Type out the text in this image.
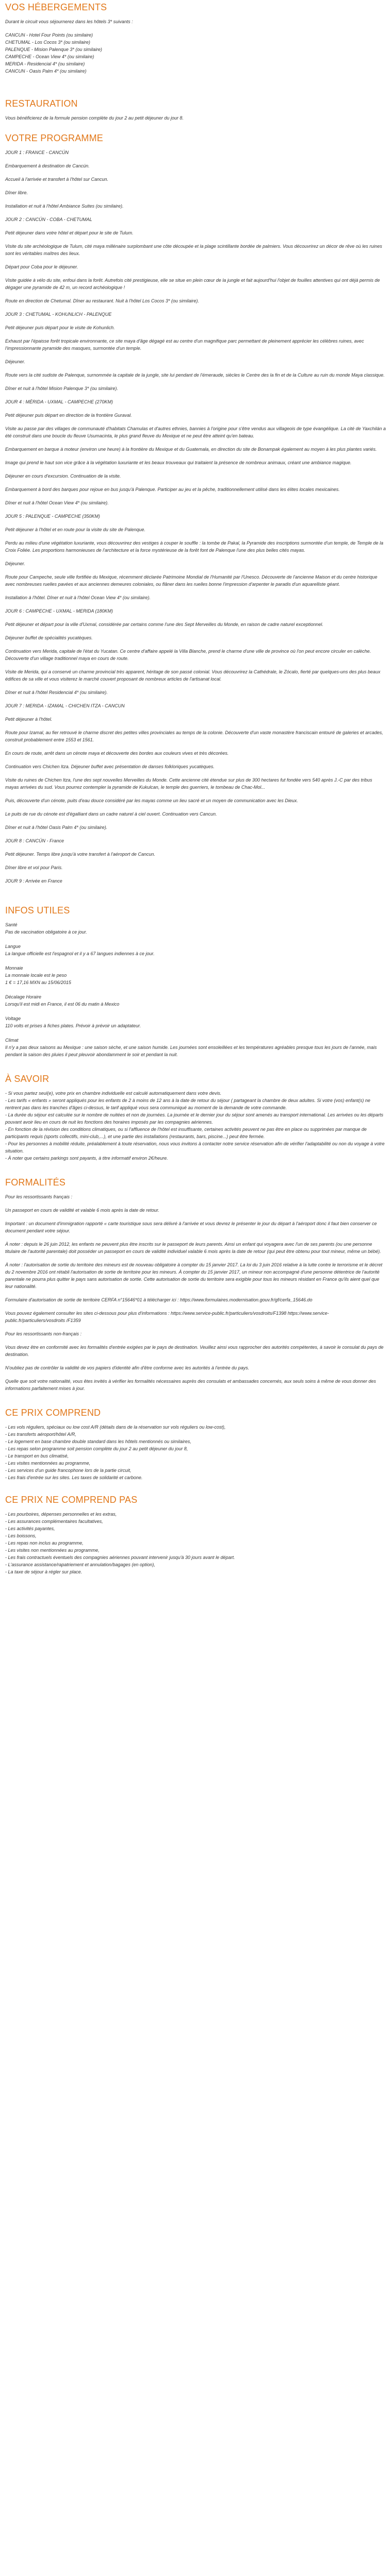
VOS HÉBERGEMENTS

Durant le circuit vous séjournerez dans les hôtels 3* suivants :

CANCUN - Hotel Four Points (ou similaire)

CHETUMAL - Los Cocos 3* (ou similaire)

PALENQUE - Mision Palenque 3* (ou similaire)

CAMPECHE - Ocean View 4* (ou similaire)

MERIDA - Residencial 4* (ou similaire)

CANCUN - Oasis Palm 4* (ou similaire)

RESTAURATION

Vous bénéficierez de la formule pension complète du jour 2 au petit déjeuner du jour 8.

VOTRE PROGRAMME

JOUR 1 : FRANCE - CANCÚN

Embarquement à destination de Cancún.

Accueil à l'arrivée et transfert à l'hôtel sur Cancun.

Dîner libre.

Installation et nuit à l'hôtel Ambiance Suites (ou similaire).

JOUR 2 : CANCÚN - COBA - CHETUMAL

Petit déjeuner dans votre hôtel et départ pour le site de Tulum.

Visite du site archéologique de Tulum, cité maya millénaire surplombant une côte découpée et la plage scintillante bordée de palmiers. Vous découvrirez un décor de rêve où les ruines sont les véritables maîtres des lieux.

Départ pour Coba pour le déjeuner.

Visite guidée à vélo du site, enfoui dans la forêt. Autrefois cité prestigieuse, elle se situe en plein cœur de la jungle et fait aujourd'hui l'objet de fouilles attentives qui ont déjà permis de dégager une pyramide de 42 m, un record archéologique !

Route en direction de Chetumal. Dîner au restaurant. Nuit à l'hôtel Los Cocos 3* (ou similaire).

JOUR 3 : CHETUMAL - KOHUNLICH - PALENQUE

Petit déjeuner puis départ pour le visite de Kohunlich.

Exhaust par l'épaisse forêt tropicale environnante, ce site maya d'âge dégagé est au centre d'un magnifique parc permettant de pleinement apprécier les célèbres ruines, avec l'impressionnante pyramide des masques, surmontée d'un temple.

Déjeuner.

Route vers la cité sudiste de Palenque, surnommée la capitale de la jungle, site lui pendant de l'émeraude, siècles le Centre des la fin et de la Culture au ruin du monde Maya classique.

Dîner et nuit à l'hôtel Mision Palenque 3* (ou similaire).

JOUR 4 : MÉRIDA - UXMAL - CAMPECHE (270KM)

Petit déjeuner puis départ en direction de la frontière Guraval.

Visite au passe par des villages de communauté d'habitats Chamulas et d'autres ethnies, bannies à l'origine pour s'être vendus aux villageois de type évangélique. La cité de Yaxchilán a été construit dans une boucle du fleuve Usumacinta, le plus grand fleuve du Mexique et ne peut être atteint qu'en bateau.

Embarquement en barque à moteur (environ une heure) à la frontière du Mexique et du Guatemala, en direction du site de Bonampak également au moyen à les plus plantes variés.

Image qui prend le haut son vice grâce à la végétation luxuriante et les beaux trouveaux qui traitaient la présence de nombreux animaux, créant une ambiance magique.

Déjeuner en cours d'excursion. Continuation de la visite.

Embarquement à bord des barques pour rejoue en bus jusqu'à Palenque. Participer au jeu et la pêche, traditionnellement utilisé dans les élites locales mexicaines.

Dîner et nuit à l'hôtel Ocean View 4* (ou similaire).

JOUR 5 : PALENQUE - CAMPECHE (350KM)

Petit déjeuner à l'hôtel et en route pour la visite du site de Palenque.

Perdu au milieu d'une végétation luxuriante, vous découvrirez des vestiges à couper le souffle : la tombe de Pakal, la Pyramide des inscriptions surmontée d'un temple, de Temple de la Croix Foliée. Les proportions harmonieuses de l'architecture et la force mystérieuse de la forêt font de Palenque l'une des plus belles cités mayas.

Déjeuner.

Route pour Campeche, seule ville fortifiée du Mexique, récemment déclarée Patrimoine Mondial de l'Humanité par l'Unesco. Découverte de l'ancienne Maison et du centre historique avec nombreuses ruelles pavées et aux anciennes demeures coloniales, ou flâner dans les ruelles bonne l'impression d'arpenter le paradis d'un aquarelliste géant.

Installation à l'hôtel. Dîner et nuit à l'hôtel Ocean View 4* (ou similaire).

JOUR 6 : CAMPECHE - UXMAL - MERIDA (180KM)

Petit déjeuner et départ pour la ville d'Uxmal, considérée par certains comme l'une des Sept Merveilles du Monde, en raison de cadre naturel exceptionnel.

Déjeuner buffet de spécialités yucatèques.

Continuation vers Merida, capitale de l'état du Yucatan. Ce centre d'affaire appelé la Villa Blanche, prend le charme d'une ville de province où l'on peut encore circuler en calèche. Découverte d'un village traditionnel maya en cours de route.

Visite de Merida, qui a conservé un charme provincial très apparent, héritage de son passé colonial. Vous découvrirez la Cathédrale, le Zócalo, fierté par quelques-uns des plus beaux édifices de sa ville et vous visiterez le marché couvert proposant de nombreux articles de l'artisanat local.

Dîner et nuit à l'hôtel Residencial 4* (ou similaire).

JOUR 7 : MERIDA - IZAMAL - CHICHEN ITZA - CANCUN

Petit déjeuner à l'hôtel.

Route pour Izamal, au fier retrouvé le charme discret des petites villes provinciales au temps de la colonie. Découverte d'un vaste monastère franciscain entouré de galeries et arcades, construit probablement entre 1553 et 1561.

En cours de route, arrêt dans un cénote maya et découverte des bordes aux couleurs vives et très décorées.

Continuation vers Chichen Itza. Déjeuner buffet avec présentation de danses folkloriques yucatèques.

Visite du ruines de Chichen Itza, l'une des sept nouvelles Merveilles du Monde. Cette ancienne cité étendue sur plus de 300 hectares fut fondée vers 540 après J.-C par des tribus mayas arrivées du sud. Vous pourrez contempler la pyramide de Kukulcan, le temple des guerriers, le tombeau de Chac-Mol...

Puis, découverte d'un cénote, puits d'eau douce considéré par les mayas comme un lieu sacré et un moyen de communication avec les Dieux.

Le puits de rue du cénote est d'égalliant dans un cadre naturel à ciel ouvert. Continuation vers Cancun.

Dîner et nuit à l'hôtel Oasis Palm 4* (ou similaire).

JOUR 8 : CANCÚN - France

Petit déjeuner. Temps libre jusqu'à votre transfert à l'aéroport de Cancun.

Dîner libre et vol pour Paris.

JOUR 9 : Arrivée en France

INFOS UTILES

Santé

Pas de vaccination obligatoire à ce jour.

Langue

La langue officielle est l'espagnol et il y a 67 langues indiennes à ce jour.

Monnaie

La monnaie locale est le peso

1 € = 17,16 MXN au 15/06/2015

Décalage Horaire

Lorsqu'il est midi en France, il est 06 du matin à Mexico

Voltage

110 volts et prises à fiches plates. Prévoir à prévoir un adaptateur.

Climat

Il n'y a pas deux saisons au Mexique : une saison sèche, et une saison humide. Les journées sont ensoleillées et les températures agréables presque tous les jours de l'année, mais pendant la saison des pluies il peut pleuvoir abondamment le soir et pendant la nuit.

À SAVOIR

- Si vous partez seul(e), votre prix en chambre individuelle est calculé automatiquement dans votre devis.

- Les tarifs « enfants » seront appliqués pour les enfants de 2 à moins de 12 ans à la date de retour du séjour ( partageant la chambre de deux adultes. Si votre (vos) enfant(s) ne rentrent pas dans les tranches d'âges ci-dessus, le tarif appliqué vous sera communiqué au moment de la demande de votre commande.

- La durée du séjour est calculée sur le nombre de nuitées et non de journées. La journée et le dernier jour du séjour sont amenés au transport international. Les arrivées ou les départs pouvant avoir lieu en cours de nuit les fonctions des horaires imposés par les compagnies aériennes.

- En fonction de la révision des conditions climatiques, ou si l'affluence de l'hôtel est insuffisante, certaines activités peuvent ne pas être en place ou supprimées par manque de participants requis (sports collectifs, mini-club,...), et une partie des installations (restaurants, bars, piscine...) peut être fermée.

- Pour les personnes à mobilité réduite, préalablement à toute réservation, nous vous invitons à contacter notre service réservation afin de vérifier l'adaptabilité ou non du voyage à votre situation.

- À noter que certains parkings sont payants, à titre informatif environ 2€/heure.

FORMALITÉS

Pour les ressortissants français :

Un passeport en cours de validité et valable 6 mois après la date de retour.

Important : un document d'immigration rapporté « carte touristique sous sera délivré à l'arrivée et vous devrez le présenter le jour du départ à l'aéroport donc il faut bien conserver ce document pendant votre séjour.

À noter : depuis le 26 juin 2012, les enfants ne peuvent plus être inscrits sur le passeport de leurs parents. Ainsi un enfant qui voyagera avec l'un de ses parents (ou une personne titulaire de l'autorité parentale) doit posséder un passeport en cours de validité individuel valable 6 mois après la date de retour (qui peut être obtenu pour tout mineur, même un bébé).

À noter : l'autorisation de sortie du territoire des mineurs est de nouveau obligatoire à compter du 15 janvier 2017. La loi du 3 juin 2016 relative à la lutte contre le terrorisme et le décret du 2 novembre 2016 ont rétabli l'autorisation de sortie de territoire pour les mineurs. À compter du 15 janvier 2017, un mineur non accompagné d'une personne détentrice de l'autorité parentale ne pourra plus quitter le pays sans autorisation de sortie. Cette autorisation de sortie du territoire sera exigible pour tous les mineurs résidant en France qu'ils aient quel que leur nationalité.

Formulaire d'autorisation de sortie de territoire CERFA n°15646*01 à télécharger ici : https://www.formulaires.modernisation.gouv.fr/gf/cerfa_15646.do

Vous pouvez également consulter les sites ci-dessous pour plus d'informations : https://www.service-public.fr/particuliers/vosdroits/F1398 https://www.service-public.fr/particuliers/vosdroits /F1359

Pour les ressortissants non-français :

Vous devez être en conformité avec les formalités d'entrée exigées par le pays de destination. Veuillez ainsi vous rapprocher des autorités compétentes, à savoir le consulat du pays de destination.

N'oubliez pas de contrôler la validité de vos papiers d'identité afin d'être conforme avec les autorités à l'entrée du pays.

Quelle que soit votre nationalité, vous êtes invités à vérifier les formalités nécessaires auprès des consulats et ambassades concernés, aux seuls soins à même de vous donner des informations parfaitement mises à jour.

CE PRIX COMPREND

- Les vols réguliers, spéciaux ou low cost A/R (détails dans de la réservation sur vols réguliers ou low-cost),

- Les transferts aéroport/hôtel A/R,

- Le logement en base chambre double standard dans les hôtels mentionnés ou similaires,

- Les repas selon programme soit pension complète du jour 2 au petit déjeuner du jour 8,

- Le transport en bus climatisé,

- Les visites mentionnées au programme,

- Les services d'un guide francophone lors de la partie circuit,

- Les frais d'entrée sur les sites. Les taxes de solidarité et carbone.

CE PRIX NE COMPREND PAS

- Les pourboires, dépenses personnelles et les extras,

- Les assurances complémentaires facultatives,

- Les activités payantes,

- Les boissons,

- Les repas non inclus au programme,

- Les visites non mentionnées au programme,

- Les frais contractuels éventuels des compagnies aériennes pouvant intervenir jusqu'à 30 jours avant le départ.

- L'assurance assistance/rapatriement et annulation/bagages (en option),

- La taxe de séjour à régler sur place.
